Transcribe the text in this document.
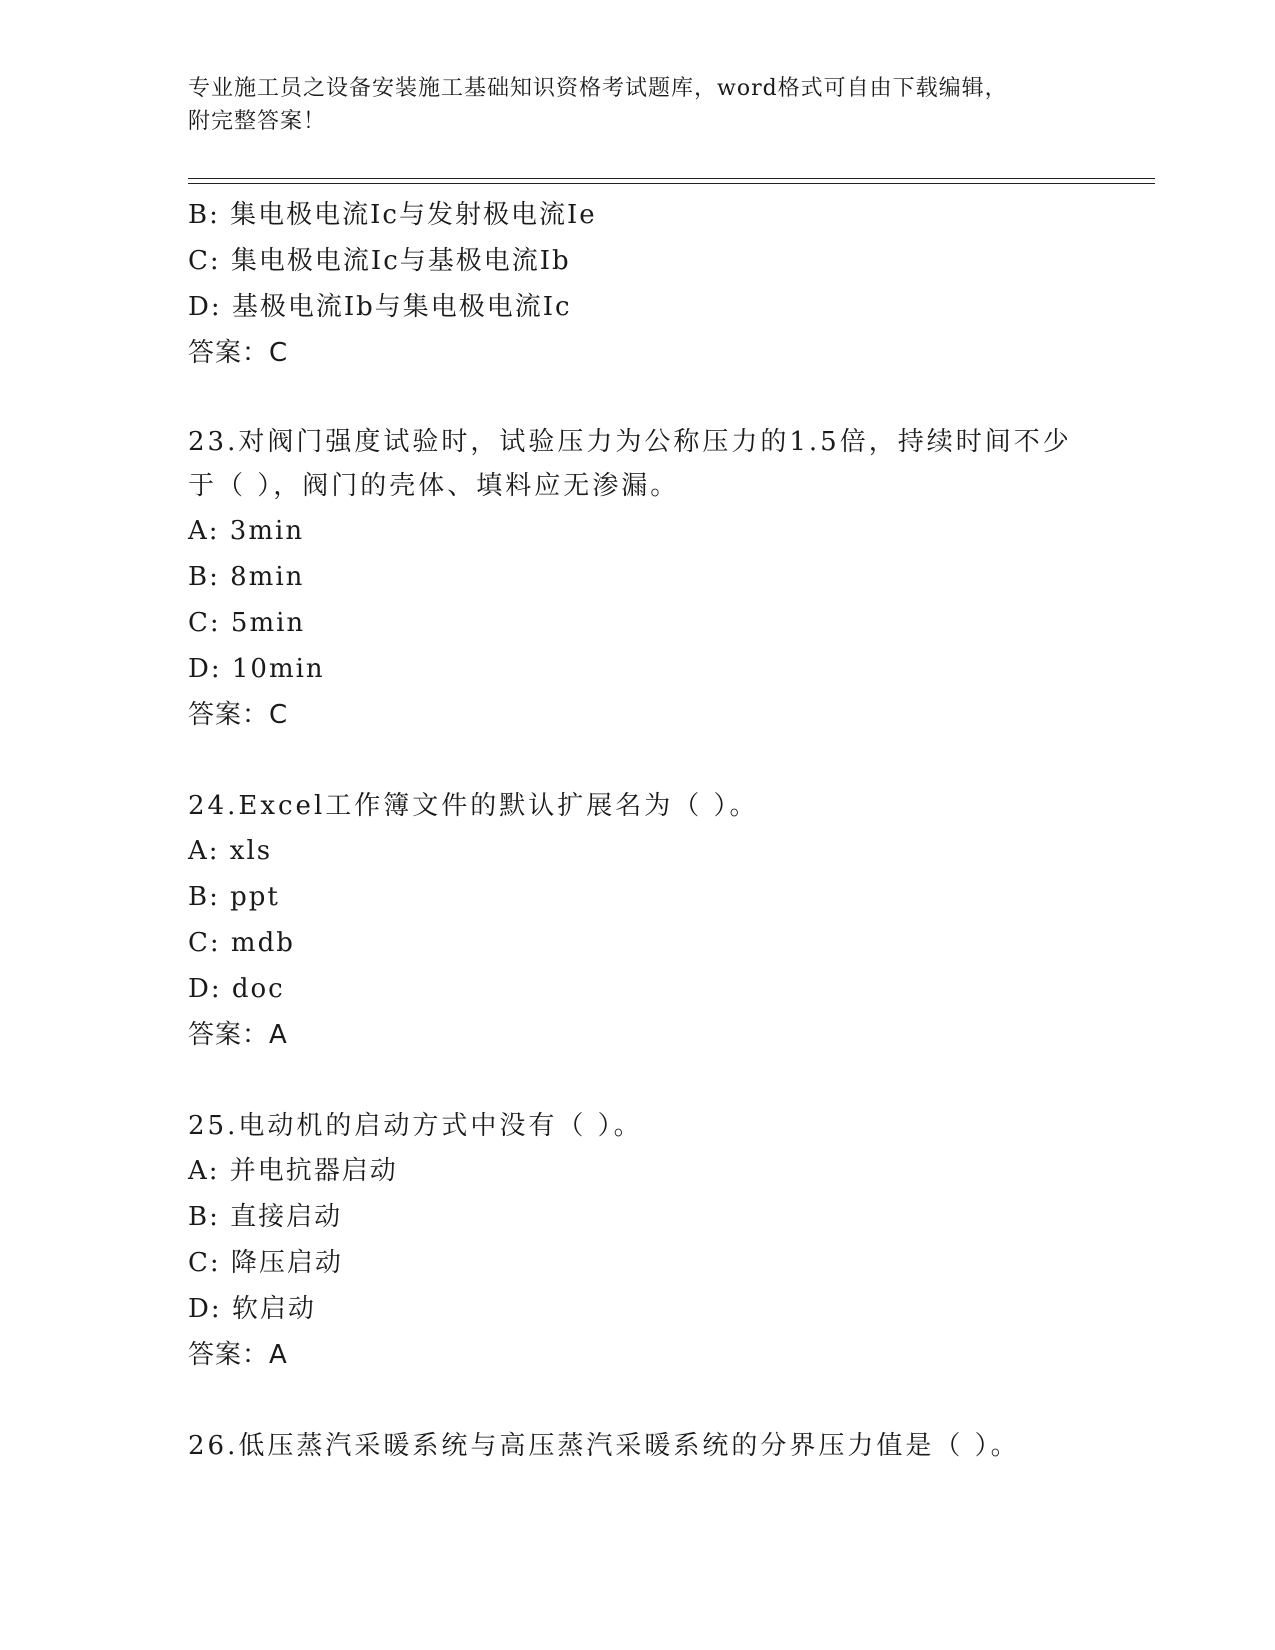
专业施工员之设备安装施工基础知识资格考试题库，word格式可自由下载编辑，
附完整答案！
B: 集电极电流Ic与发射极电流Ie
C: 集电极电流Ic与基极电流Ib
D: 基极电流Ib与集电极电流Ic
答案：C
23.对阀门强度试验时，试验压力为公称压力的1.5倍，持续时间不少
于（ ），阀门的壳体、填料应无渗漏。
A: 3min
B: 8min
C: 5min
D: 10min
答案：C
24.Excel工作簿文件的默认扩展名为（ ）。
A: xls
B: ppt
C: mdb
D: doc
答案：A
25.电动机的启动方式中没有（ ）。
A: 并电抗器启动
B: 直接启动
C: 降压启动
D: 软启动
答案：A
26.低压蒸汽采暖系统与高压蒸汽采暖系统的分界压力值是（ ）。
